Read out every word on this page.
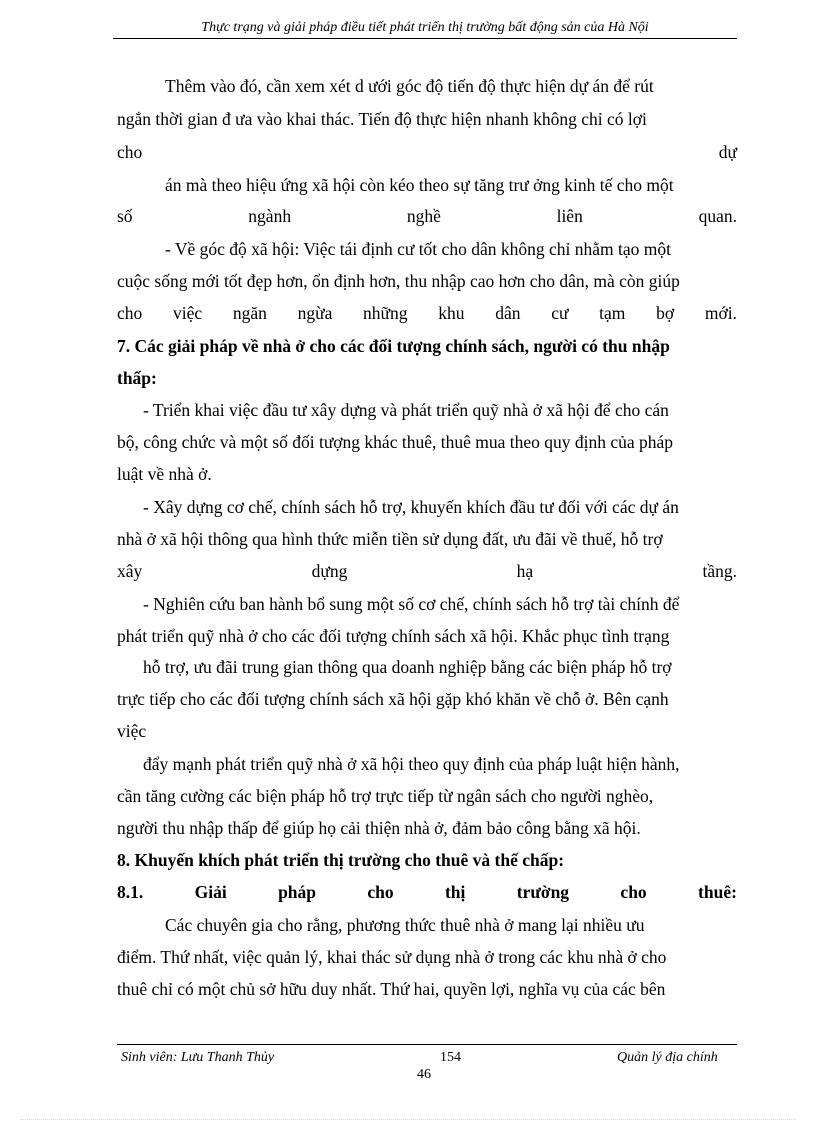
Thực trạng và giải pháp điều tiết phát triển thị trường bất động sản của Hà Nội
Thêm vào đó, cần xem xét d ưới góc độ tiến độ thực hiện dự án để rút
ngắn thời gian đ ưa vào khai thác. Tiến độ thực hiện nhanh không chỉ có lợi
cho	dự
án mà theo hiệu ứng xã hội còn kéo theo sự tăng trư ởng kinh tế cho một
số	ngành	nghề	liên	quan.
- Về góc độ xã hội: Việc tái định cư tốt cho dân không chỉ nhằm tạo một
cuộc sống mới tốt đẹp hơn, ổn định hơn, thu nhập cao hơn cho dân, mà còn giúp
cho việc ngăn ngừa những khu dân cư tạm bợ mới.
7. Các giải pháp về nhà ở cho các đối tượng chính sách, người có thu nhập
thấp:
- Triển khai việc đầu tư xây dựng và phát triển quỹ nhà ở xã hội để cho cán
bộ, công chức và một số đối tượng khác thuê, thuê mua theo quy định của pháp
luật về nhà ở.
- Xây dựng cơ chế, chính sách hỗ trợ, khuyến khích đầu tư đối với các dự án
nhà ở xã hội thông qua hình thức miễn tiền sử dụng đất, ưu đãi về thuế, hỗ trợ
xây	dựng	hạ	tầng.
- Nghiên cứu ban hành bổ sung một số cơ chế, chính sách hỗ trợ tài chính để
phát triển quỹ nhà ở cho các đối tượng chính sách xã hội. Khắc phục tình trạng
hỗ trợ, ưu đãi trung gian thông qua doanh nghiệp bằng các biện pháp hỗ trợ
trực tiếp cho các đối tượng chính sách xã hội gặp khó khăn về chỗ ở. Bên cạnh
việc
đẩy mạnh phát triển quỹ nhà ở xã hội theo quy định của pháp luật hiện hành,
cần tăng cường các biện pháp hỗ trợ trực tiếp từ ngân sách cho người nghèo,
người thu nhập thấp để giúp họ cải thiện nhà ở, đảm bảo công bằng xã hội.
8. Khuyến khích phát triển thị trường cho thuê và thế chấp:
8.1.	Giải	pháp	cho	thị	trường	cho	thuê:
Các chuyên gia cho rằng, phương thức thuê nhà ở mang lại nhiều ưu
điểm. Thứ nhất, việc quản lý, khai thác sử dụng nhà ở trong các khu nhà ở cho
thuê chỉ có một chủ sở hữu duy nhất. Thứ hai, quyền lợi, nghĩa vụ của các bên
Sinh viên: Lưu Thanh Thủy	154	Quản lý địa chính
46
